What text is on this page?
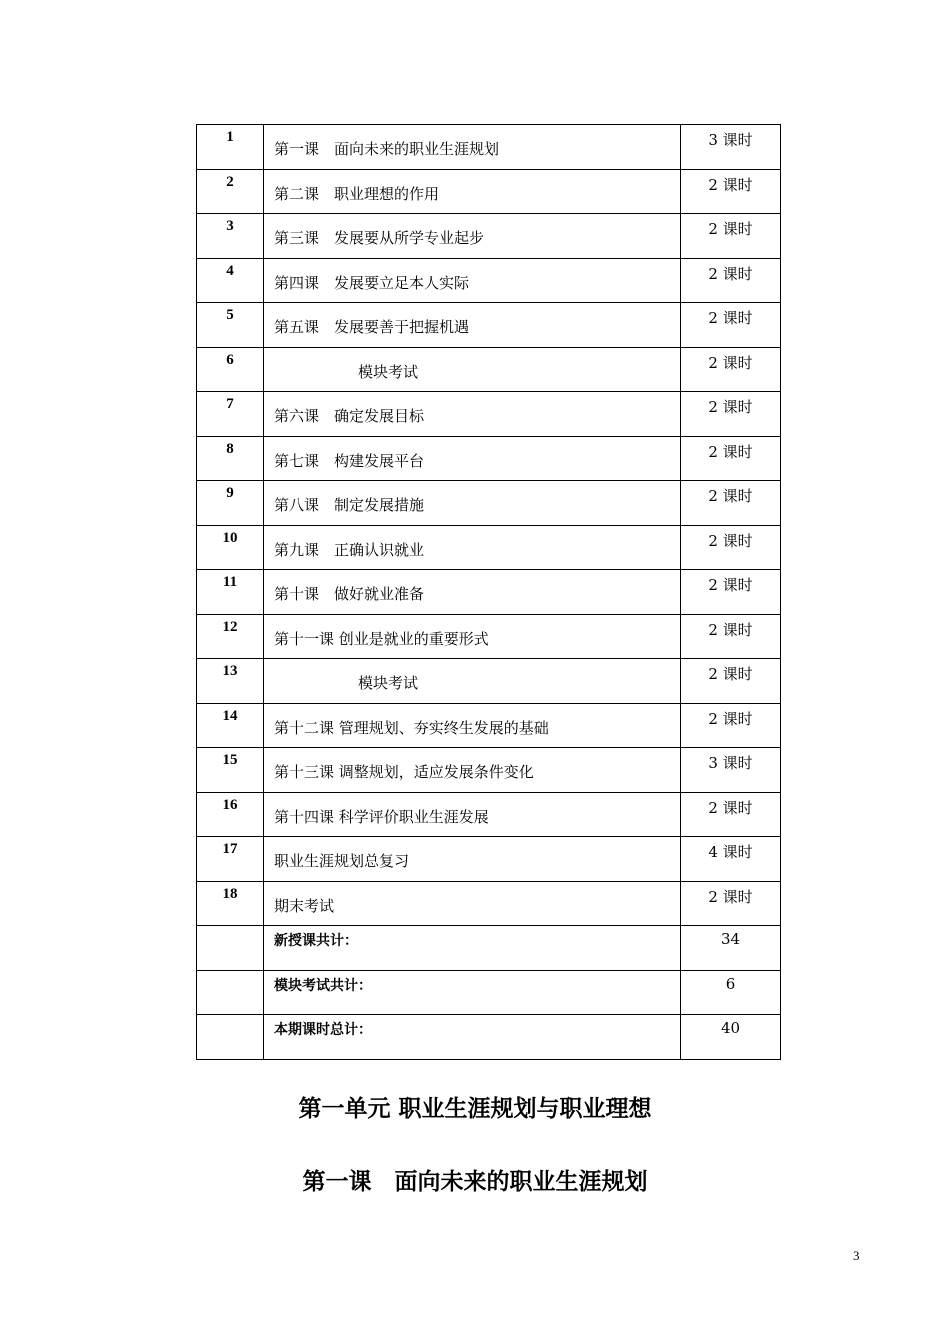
1	第一课　面向未来的职业生涯规划	3 课时
2	第二课　职业理想的作用	2 课时
3	第三课　发展要从所学专业起步	2 课时
4	第四课　发展要立足本人实际	2 课时
5	第五课　发展要善于把握机遇	2 课时
6	模块考试	2 课时
7	第六课　确定发展目标	2 课时
8	第七课　构建发展平台	2 课时
9	第八课　制定发展措施	2 课时
10	第九课　正确认识就业	2 课时
11	第十课　做好就业准备	2 课时
12	第十一课 创业是就业的重要形式	2 课时
13	模块考试	2 课时
14	第十二课 管理规划、夯实终生发展的基础	2 课时
15	第十三课 调整规划，适应发展条件变化	3 课时
16	第十四课 科学评价职业生涯发展	2 课时
17	职业生涯规划总复习	4 课时
18	期末考试	2 课时
	新授课共计：	34
	模块考试共计：	6
	本期课时总计：	40
第一单元 职业生涯规划与职业理想
第一课　面向未来的职业生涯规划
3
